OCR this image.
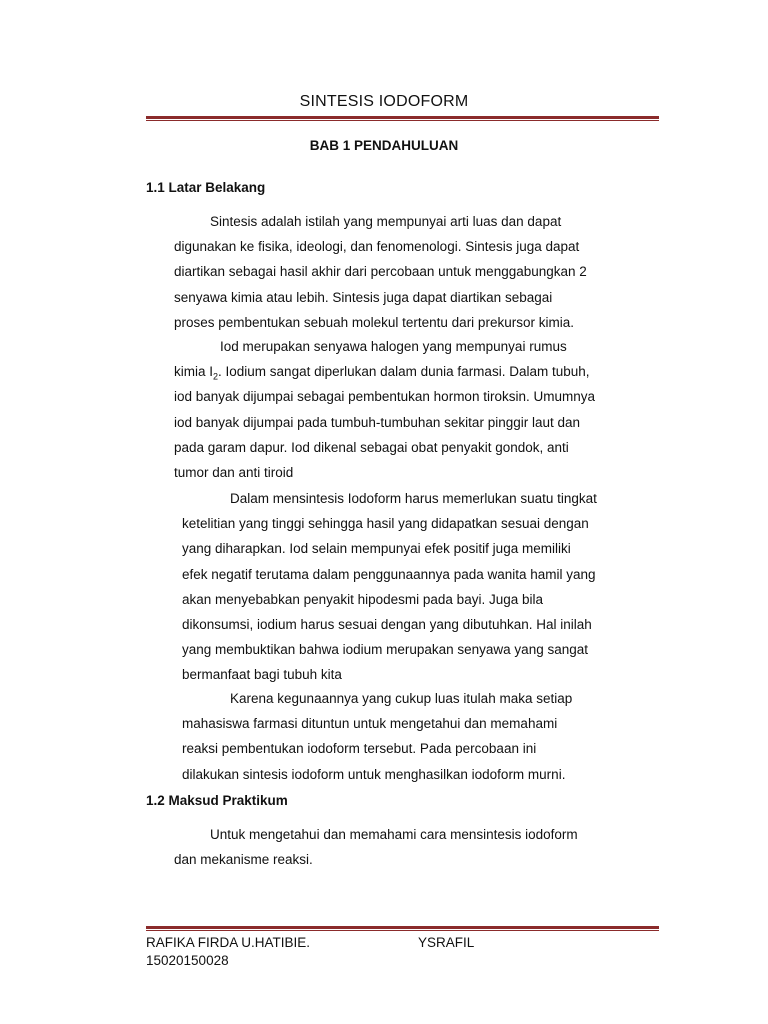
SINTESIS IODOFORM
BAB 1 PENDAHULUAN
1.1 Latar Belakang
Sintesis adalah istilah yang mempunyai arti luas dan dapat
digunakan ke fisika, ideologi, dan fenomenologi. Sintesis juga dapat
diartikan sebagai hasil akhir dari percobaan untuk menggabungkan 2
senyawa kimia atau lebih. Sintesis juga dapat diartikan sebagai
proses pembentukan sebuah molekul tertentu dari prekursor kimia.
Iod merupakan senyawa halogen yang mempunyai rumus
kimia $I_2$. Iodium sangat diperlukan dalam dunia farmasi. Dalam tubuh,
iod banyak dijumpai sebagai pembentukan hormon tiroksin. Umumnya
iod banyak dijumpai pada tumbuh-tumbuhan sekitar pinggir laut dan
pada garam dapur. Iod dikenal sebagai obat penyakit gondok, anti
tumor dan anti tiroid
Dalam mensintesis Iodoform harus memerlukan suatu tingkat
ketelitian yang tinggi sehingga hasil yang didapatkan sesuai dengan
yang diharapkan. Iod selain mempunyai efek positif juga memiliki
efek negatif terutama dalam penggunaannya pada wanita hamil yang
akan menyebabkan penyakit hipodesmi pada bayi. Juga bila
dikonsumsi, iodium harus sesuai dengan yang dibutuhkan. Hal inilah
yang membuktikan bahwa iodium merupakan senyawa yang sangat
bermanfaat bagi tubuh kita
Karena kegunaannya yang cukup luas itulah maka setiap
mahasiswa farmasi dituntun untuk mengetahui dan memahami
reaksi pembentukan iodoform tersebut. Pada percobaan ini
dilakukan sintesis iodoform untuk menghasilkan iodoform murni.
1.2 Maksud Praktikum
Untuk mengetahui dan memahami cara mensintesis iodoform
dan mekanisme reaksi.
RAFIKA FIRDA U.HATIBIE.
15020150028
YSRAFIL
